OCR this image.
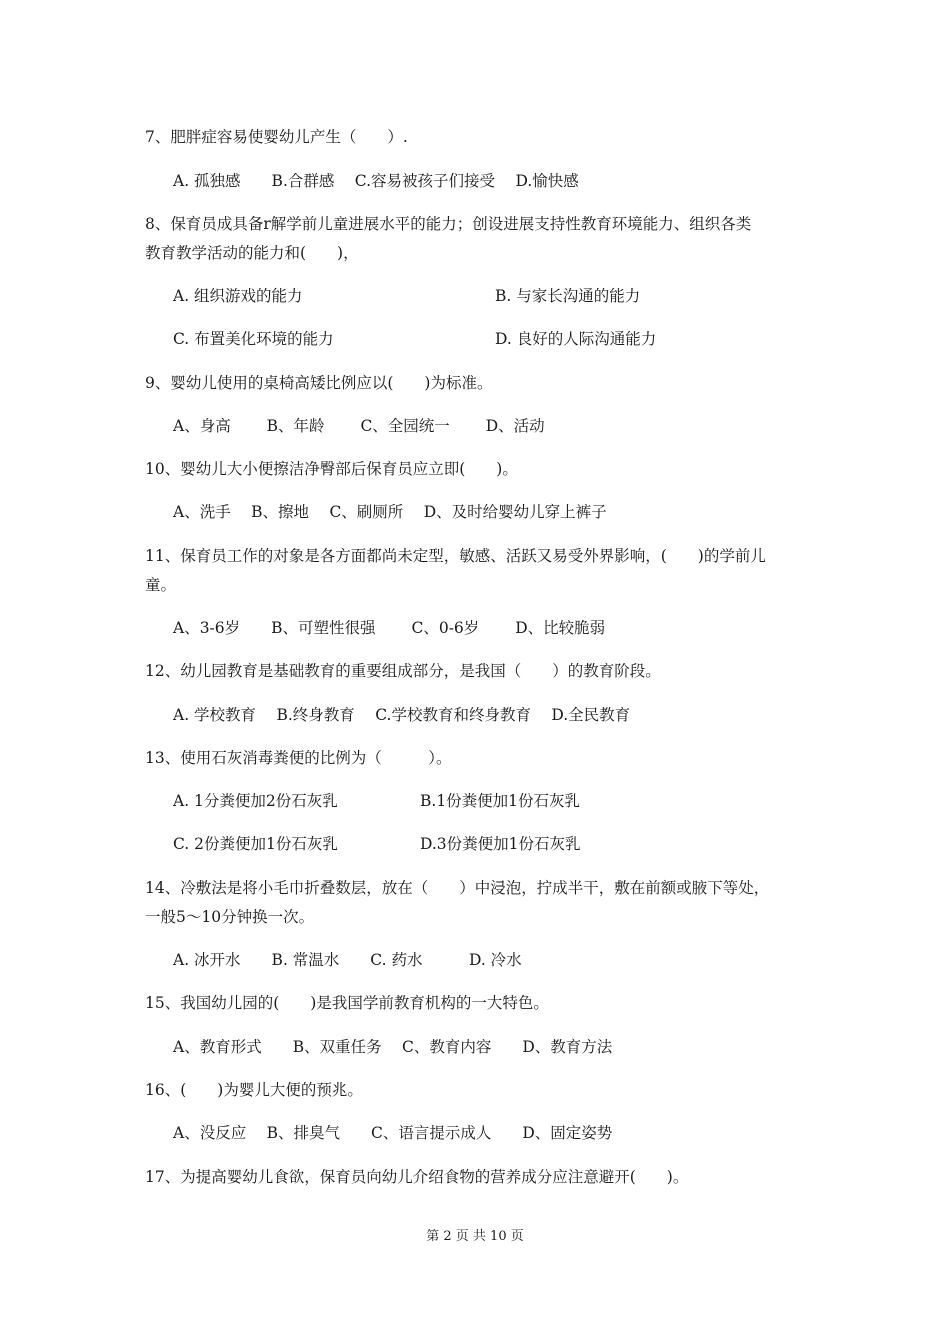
7、肥胖症容易使婴幼儿产生（　　）.
A. 孤独感　　B.合群感　 C.容易被孩子们接受　 D.愉快感
8、保育员成具备r解学前儿童进展水平的能力；创设进展支持性教育环境能力、组织各类
教育教学活动的能力和(　　)，
A. 组织游戏的能力	B. 与家长沟通的能力
C. 布置美化环境的能力	D. 良好的人际沟通能力
9、婴幼儿使用的桌椅高矮比例应以(　　)为标准。
A、身高　　 B、年龄　　 C、全园统一　　 D、活动
10、婴幼儿大小便擦洁净臀部后保育员应立即(　　)。
A、洗手　 B、擦地　 C、刷厕所　 D、及时给婴幼儿穿上裤子
11、保育员工作的对象是各方面都尚未定型，敏感、活跃又易受外界影响，(　　)的学前儿
童。
A、3-6岁　　B、可塑性很强　　 C、0-6岁　　 D、比较脆弱
12、幼儿园教育是基础教育的重要组成部分，是我国（　　）的教育阶段。
A. 学校教育　 B.终身教育　 C.学校教育和终身教育　 D.全民教育
13、使用石灰消毒粪便的比例为（　　　）。
A. 1分粪便加2份石灰乳	B.1份粪便加1份石灰乳
C. 2份粪便加1份石灰乳	D.3份粪便加1份石灰乳
14、冷敷法是将小毛巾折叠数层，放在（　　）中浸泡，拧成半干，敷在前额或腋下等处，
一般5～10分钟换一次。
A. 冰开水　　B. 常温水　　C. 药水　　　D. 冷水
15、我国幼儿园的(　　)是我国学前教育机构的一大特色。
A、教育形式　　B、双重任务　 C、教育内容　　D、教育方法
16、(　　)为婴儿大便的预兆。
A、没反应　 B、排臭气　　C、语言提示成人　　D、固定姿势
17、为提高婴幼儿食欲，保育员向幼儿介绍食物的营养成分应注意避开(　　)。
第 2 页 共 10 页
